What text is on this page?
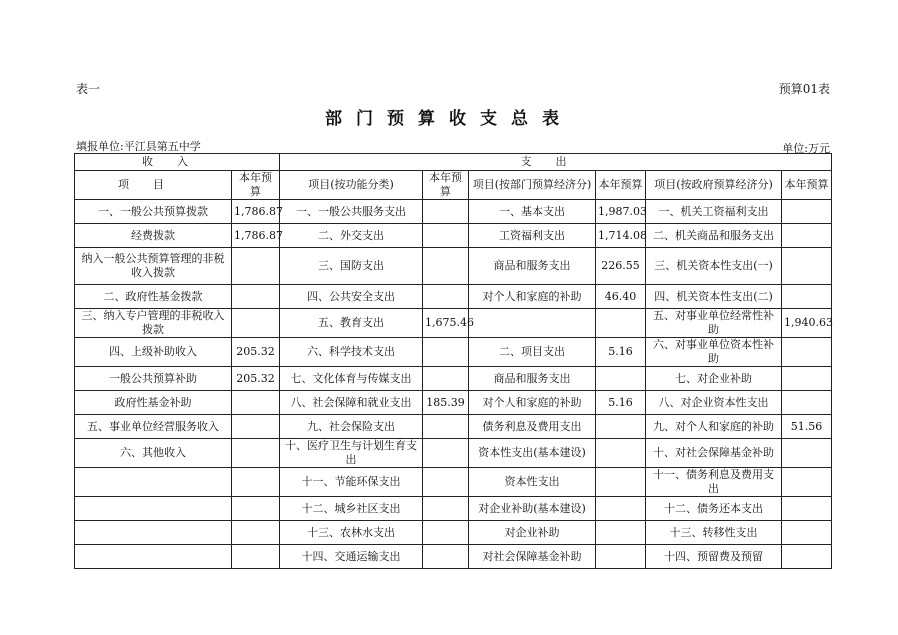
表一	预算01表
部门预算收支总表
填报单位:平江县第五中学	单位:万元
收入		支出					
项目	本年预算	项目(按功能分类)	本年预算	项目(按部门预算经济分)	本年预算	项目(按政府预算经济分)	本年预算
一、一般公共预算拨款	1,786.87	一、一般公共服务支出		一、基本支出	1,987.03	一、机关工资福利支出	
经费拨款	1,786.87	二、外交支出		工资福利支出	1,714.08	二、机关商品和服务支出	
纳入一般公共预算管理的非税收入拨款		三、国防支出		商品和服务支出	226.55	三、机关资本性支出(一)	
二、政府性基金拨款		四、公共安全支出		对个人和家庭的补助	46.40	四、机关资本性支出(二)	
三、纳入专户管理的非税收入拨款		五、教育支出	1,675.46			五、对事业单位经常性补助	1,940.63
四、上级补助收入	205.32	六、科学技术支出		二、项目支出	5.16	六、对事业单位资本性补助	
一般公共预算补助	205.32	七、文化体育与传媒支出		商品和服务支出		七、对企业补助	
政府性基金补助		八、社会保障和就业支出	185.39	对个人和家庭的补助	5.16	八、对企业资本性支出	
五、事业单位经营服务收入		九、社会保险支出		债务利息及费用支出		九、对个人和家庭的补助	51.56
六、其他收入		十、医疗卫生与计划生育支出		资本性支出(基本建设)		十、对社会保障基金补助	
		十一、节能环保支出		资本性支出		十一、债务利息及费用支出	
		十二、城乡社区支出		对企业补助(基本建设)		十二、债务还本支出	
		十三、农林水支出		对企业补助		十三、转移性支出	
		十四、交通运输支出		对社会保障基金补助		十四、预留费及预留	
